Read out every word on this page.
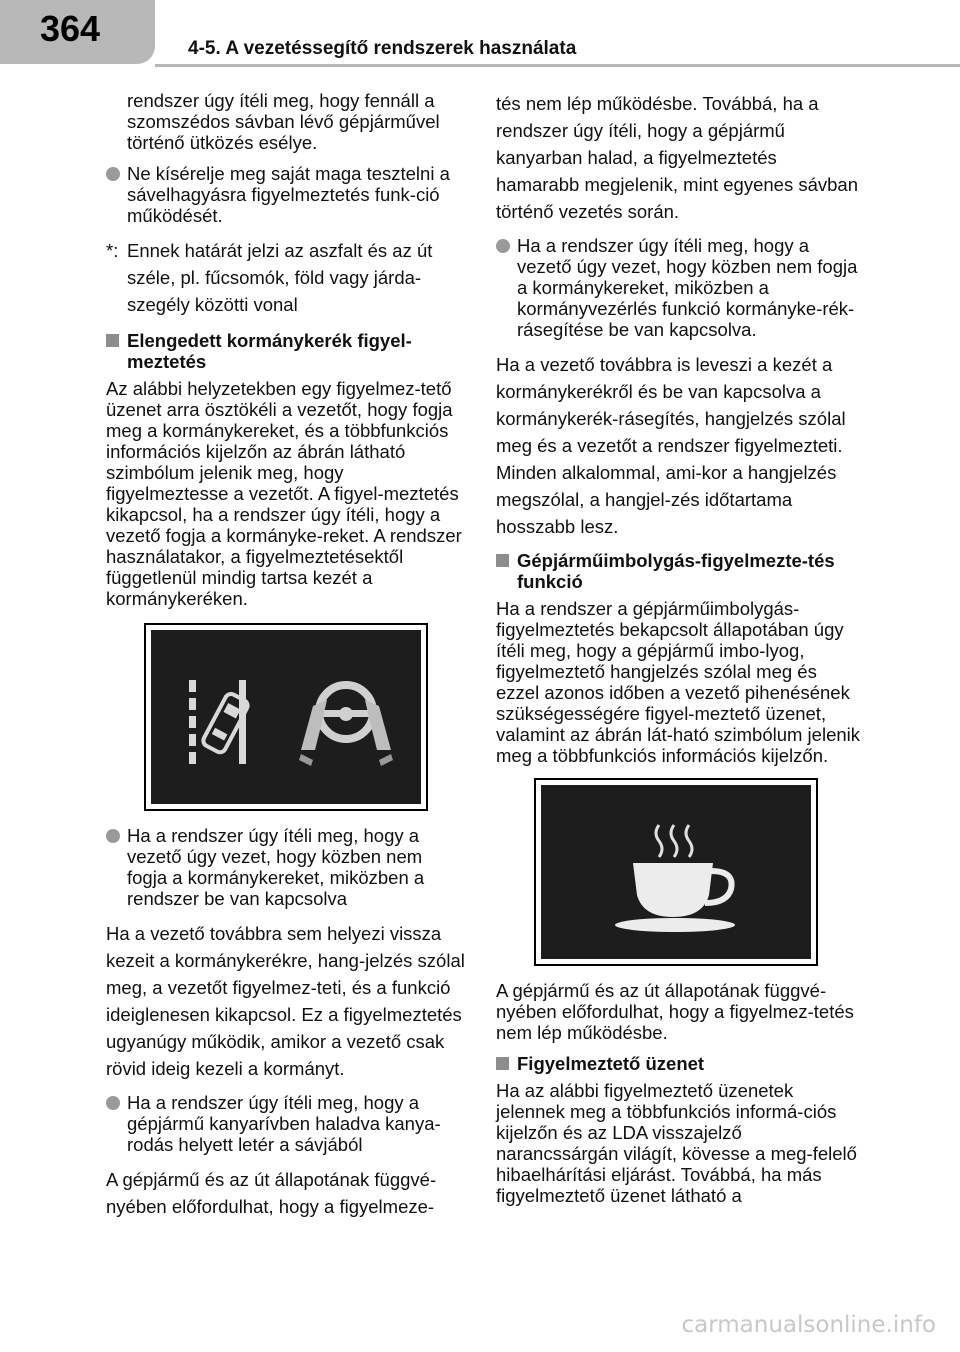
364	4-5. A vezetéssegítő rendszerek használata

rendszer úgy ítéli meg, hogy fennáll a szomszédos sávban lévő gépjárművel történő ütközés esélye.

Ne kísérelje meg saját maga tesztelni a sávelhagyásra figyelmeztetés funk-ció működését.
*: Ennek határát jelzi az aszfalt és az út széle, pl. fűcsomók, föld vagy járda-szegély közötti vonal
Elengedett kormánykerék figyel-meztetés

Az alábbi helyzetekben egy figyelmez-tető üzenet arra ösztökéli a vezetőt, hogy fogja meg a kormánykereket, és a többfunkciós információs kijelzőn az ábrán látható szimbólum jelenik meg, hogy figyelmeztesse a vezetőt. A figyel-meztetés kikapcsol, ha a rendszer úgy ítéli, hogy a vezető fogja a kormányke-reket. A rendszer használatakor, a figyelmeztetésektől függetlenül mindig tartsa kezét a kormánykeréken.

Ha a rendszer úgy ítéli meg, hogy a vezető úgy vezet, hogy közben nem fogja a kormánykereket, miközben a rendszer be van kapcsolva

Ha a vezető továbbra sem helyezi vissza kezeit a kormánykerékre, hang-jelzés szólal meg, a vezetőt figyelmez-teti, és a funkció ideiglenesen kikapcsol. Ez a figyelmeztetés ugyanúgy működik, amikor a vezető csak rövid ideig kezeli a kormányt.

Ha a rendszer úgy ítéli meg, hogy a gépjármű kanyarívben haladva kanya-rodás helyett letér a sávjából

A gépjármű és az út állapotának függvé-nyében előfordulhat, hogy a figyelmeze-

tés nem lép működésbe. Továbbá, ha a rendszer úgy ítéli, hogy a gépjármű kanyarban halad, a figyelmeztetés hamarabb megjelenik, mint egyenes sávban történő vezetés során.

Ha a rendszer úgy ítéli meg, hogy a vezető úgy vezet, hogy közben nem fogja a kormánykereket, miközben a kormányvezérlés funkció kormányke-rék-rásegítése be van kapcsolva.

Ha a vezető továbbra is leveszi a kezét a kormánykerékről és be van kapcsolva a kormánykerék-rásegítés, hangjelzés szólal meg és a vezetőt a rendszer figyelmezteti. Minden alkalommal, ami-kor a hangjelzés megszólal, a hangjel-zés időtartama hosszabb lesz.

Gépjárműimbolygás-figyelmezte-tés funkció

Ha a rendszer a gépjárműimbolygás-figyelmeztetés bekapcsolt állapotában úgy ítéli meg, hogy a gépjármű imbo-lyog, figyelmeztető hangjelzés szólal meg és ezzel azonos időben a vezető pihenésének szükségességére figyel-meztető üzenet, valamint az ábrán lát-ható szimbólum jelenik meg a többfunkciós információs kijelzőn.

A gépjármű és az út állapotának függvé-nyében előfordulhat, hogy a figyelmez-tetés nem lép működésbe.

Figyelmeztető üzenet

Ha az alábbi figyelmeztető üzenetek jelennek meg a többfunkciós informá-ciós kijelzőn és az LDA visszajelző narancssárgán világít, kövesse a meg-felelő hibaelhárítási eljárást. Továbbá, ha más figyelmeztető üzenet látható a

carmanualsonline.info
